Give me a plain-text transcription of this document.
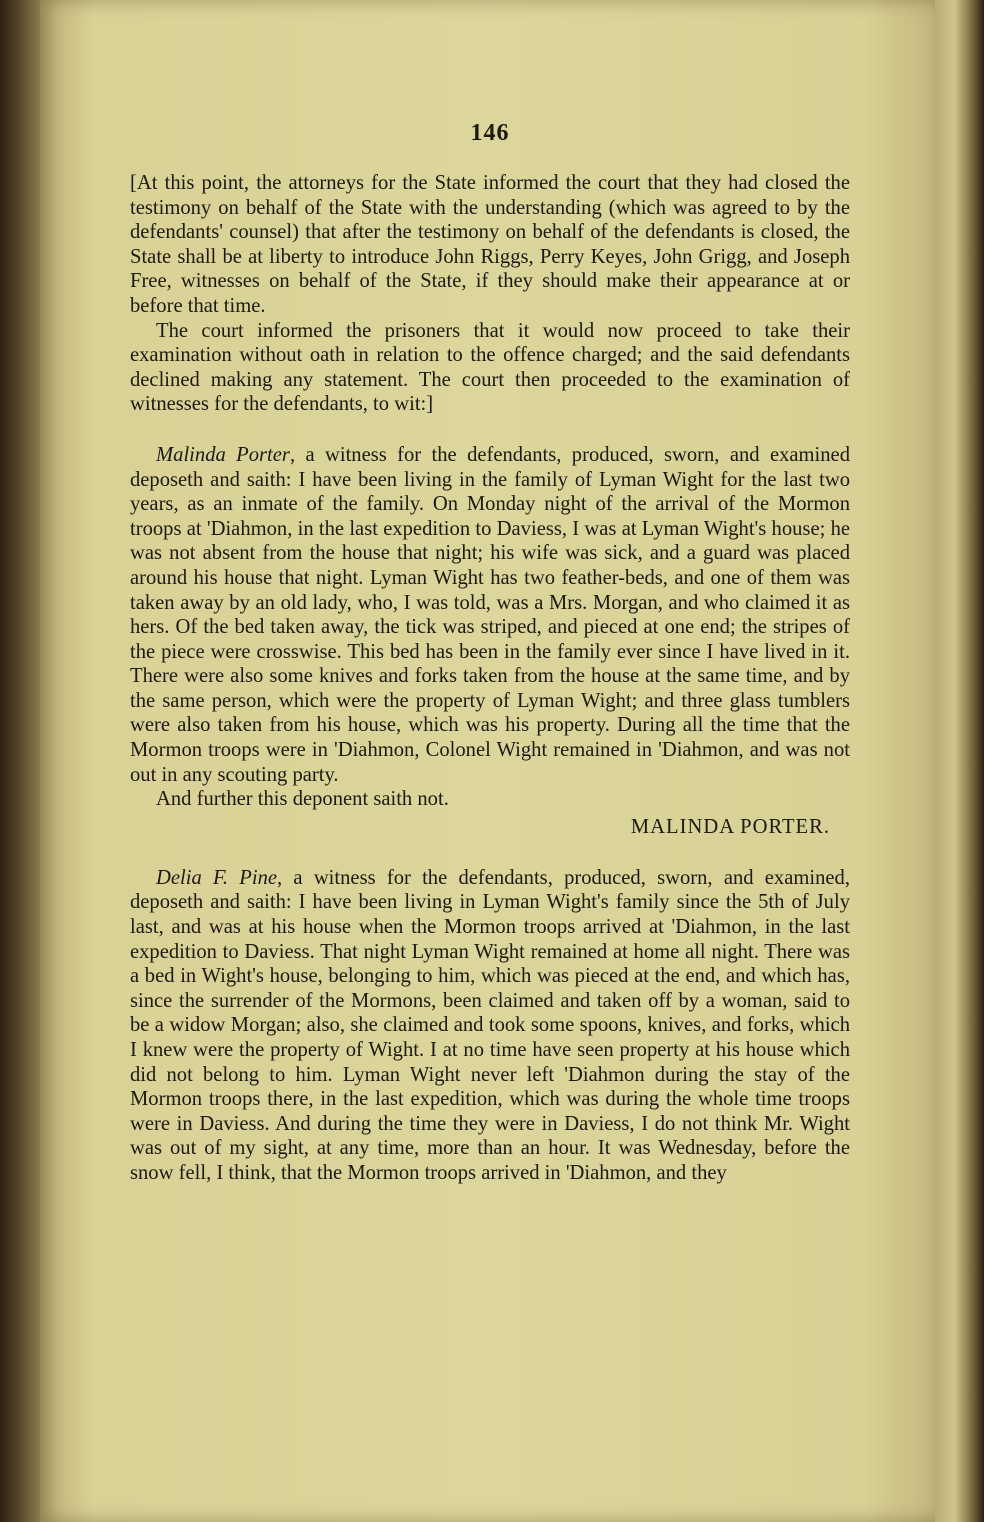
146

[At this point, the attorneys for the State informed the court that they had closed the testimony on behalf of the State with the understanding (which was agreed to by the defendants' counsel) that after the testimony on behalf of the defendants is closed, the State shall be at liberty to introduce John Riggs, Perry Keyes, John Grigg, and Joseph Free, witnesses on behalf of the State, if they should make their appearance at or before that time.

The court informed the prisoners that it would now proceed to take their examination without oath in relation to the offence charged; and the said defendants declined making any statement. The court then proceeded to the examination of witnesses for the defendants, to wit:]

Malinda Porter, a witness for the defendants, produced, sworn, and examined deposeth and saith: I have been living in the family of Lyman Wight for the last two years, as an inmate of the family. On Monday night of the arrival of the Mormon troops at 'Diahmon, in the last expedition to Daviess, I was at Lyman Wight's house; he was not absent from the house that night; his wife was sick, and a guard was placed around his house that night. Lyman Wight has two feather-beds, and one of them was taken away by an old lady, who, I was told, was a Mrs. Morgan, and who claimed it as hers. Of the bed taken away, the tick was striped, and pieced at one end; the stripes of the piece were crosswise. This bed has been in the family ever since I have lived in it. There were also some knives and forks taken from the house at the same time, and by the same person, which were the property of Lyman Wight; and three glass tumblers were also taken from his house, which was his property. During all the time that the Mormon troops were in 'Diahmon, Colonel Wight remained in 'Diahmon, and was not out in any scouting party.

And further this deponent saith not.

MALINDA PORTER.

Delia F. Pine, a witness for the defendants, produced, sworn, and examined, deposeth and saith: I have been living in Lyman Wight's family since the 5th of July last, and was at his house when the Mormon troops arrived at 'Diahmon, in the last expedition to Daviess. That night Lyman Wight remained at home all night. There was a bed in Wight's house, belonging to him, which was pieced at the end, and which has, since the surrender of the Mormons, been claimed and taken off by a woman, said to be a widow Morgan; also, she claimed and took some spoons, knives, and forks, which I knew were the property of Wight. I at no time have seen property at his house which did not belong to him. Lyman Wight never left 'Diahmon during the stay of the Mormon troops there, in the last expedition, which was during the whole time troops were in Daviess. And during the time they were in Daviess, I do not think Mr. Wight was out of my sight, at any time, more than an hour. It was Wednesday, before the snow fell, I think, that the Mormon troops arrived in 'Diahmon, and they
